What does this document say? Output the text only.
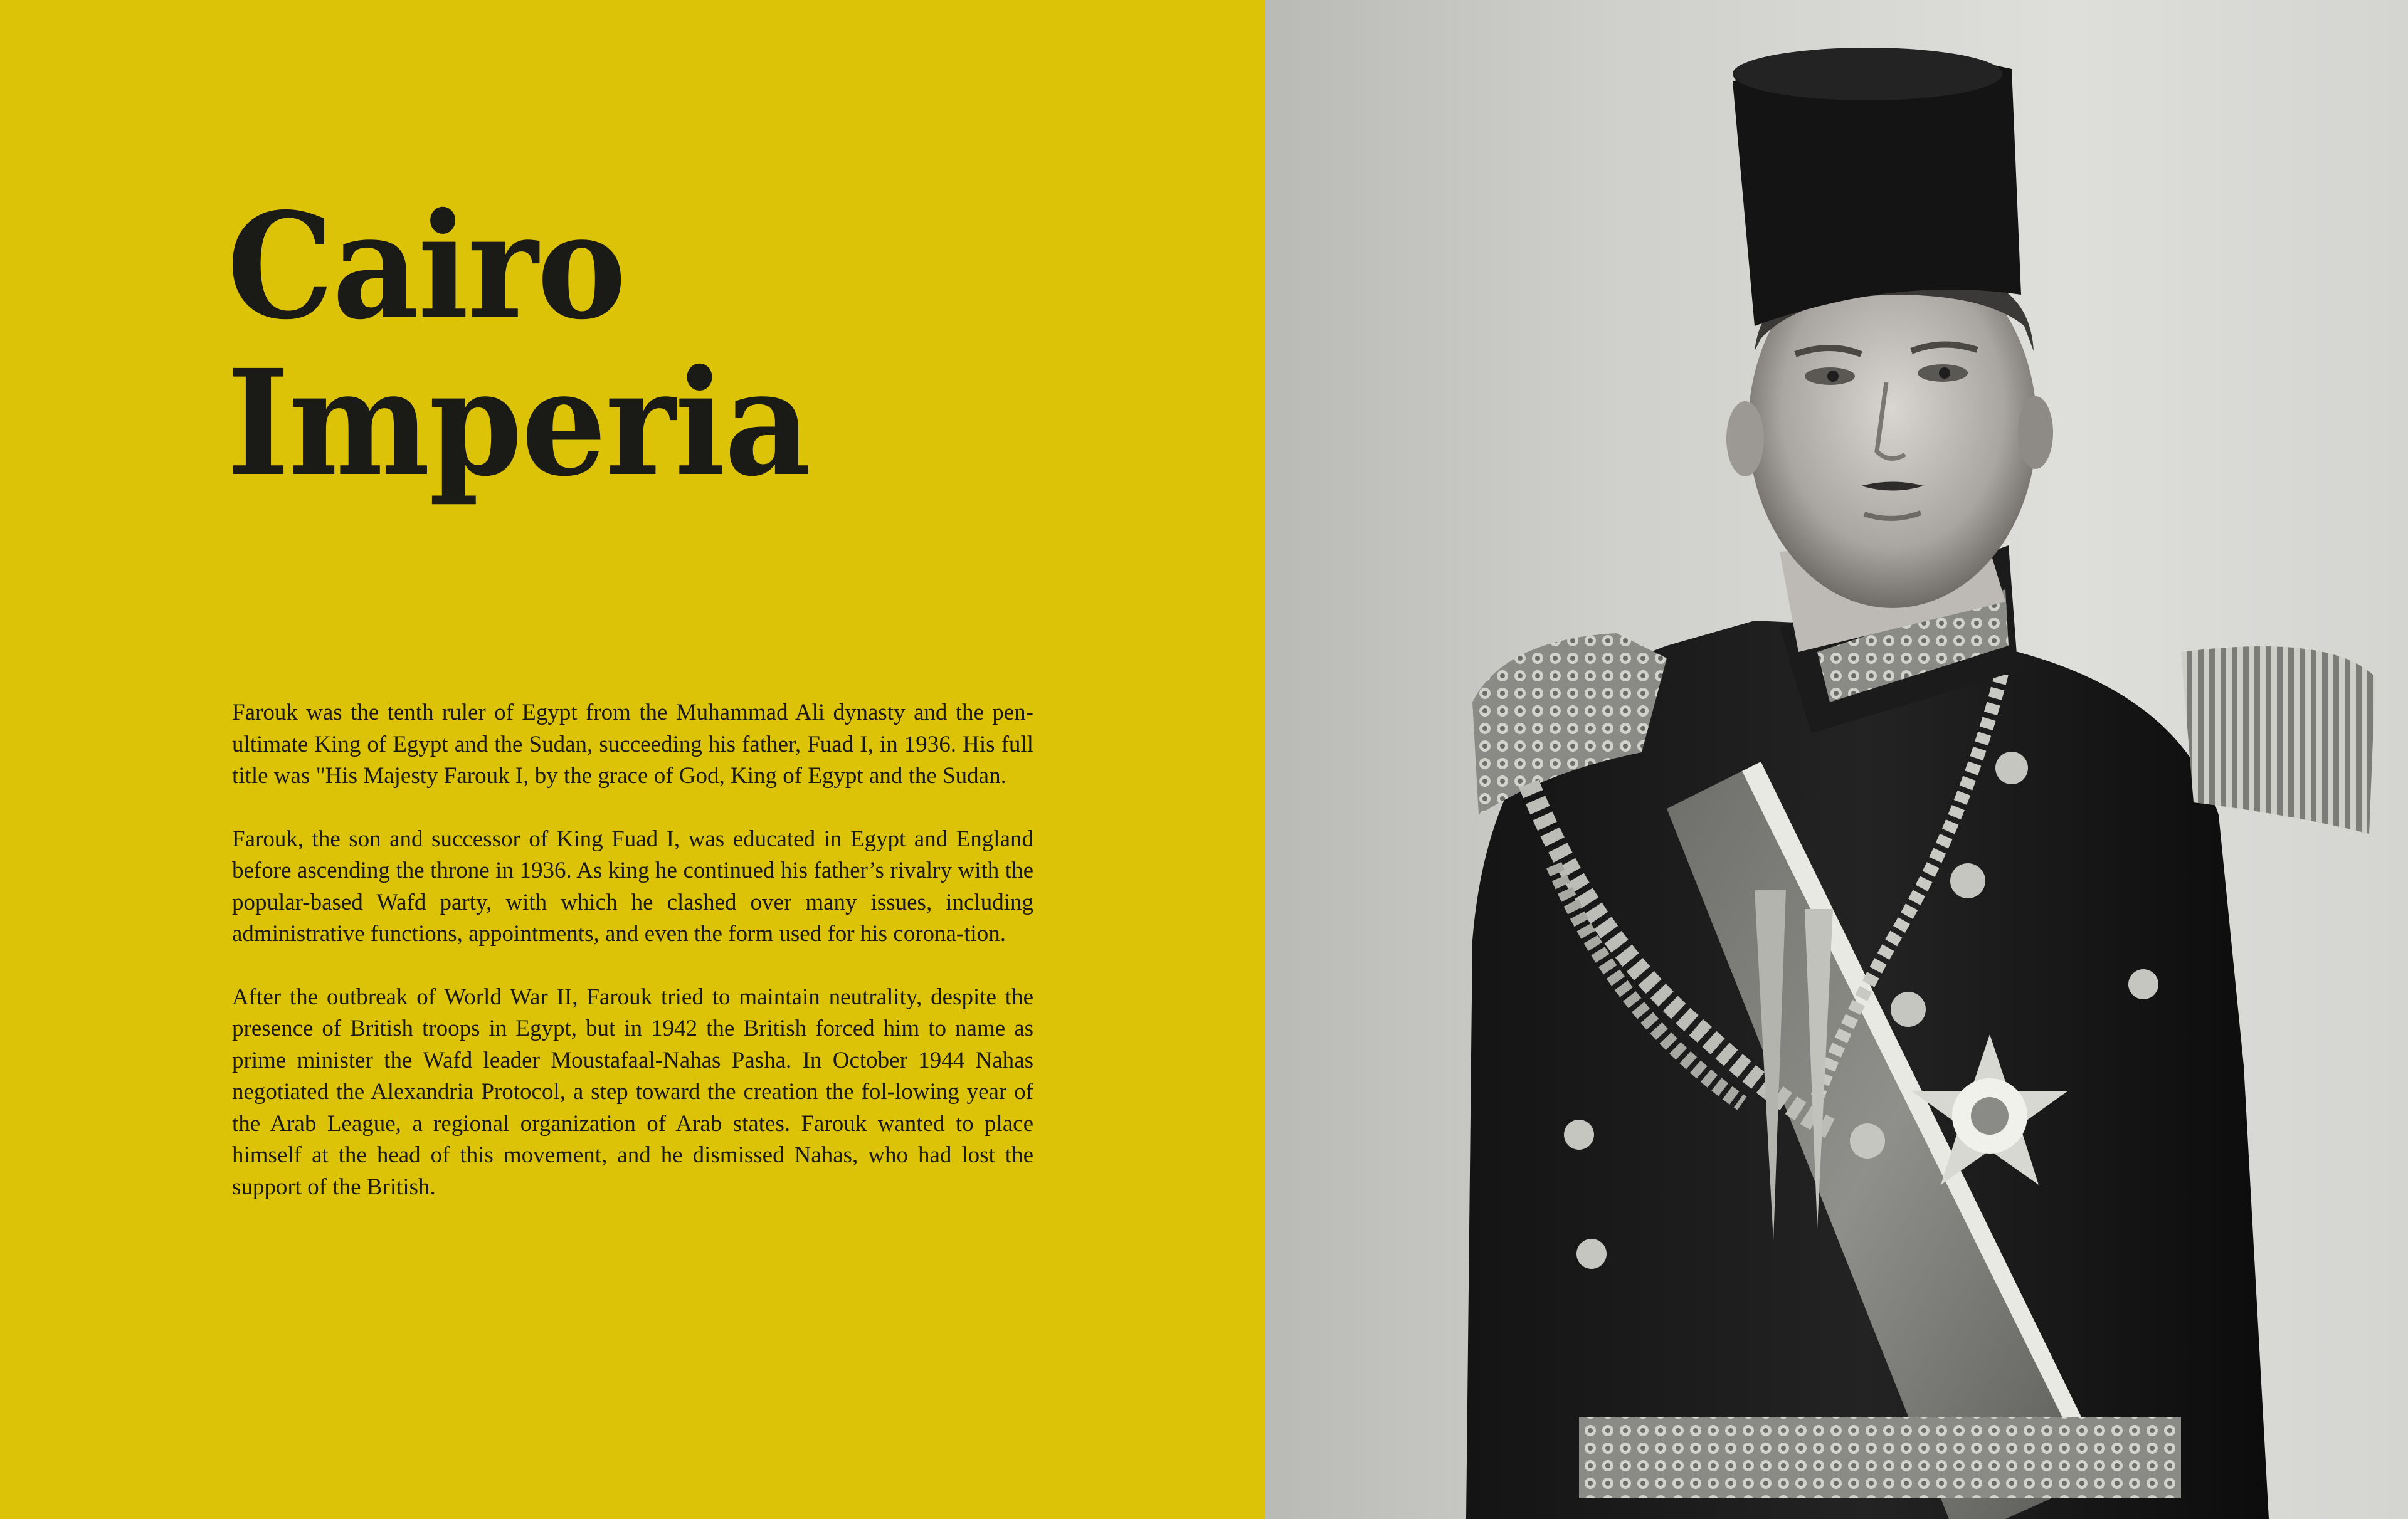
Cairo
Imperia

Farouk was the tenth ruler of Egypt from the Muhammad Ali dynasty and the pen-ultimate King of Egypt and the Sudan, succeeding his father, Fuad I, in 1936. His full title was "His Majesty Farouk I, by the grace of God, King of Egypt and the Sudan.

Farouk, the son and successor of King Fuad I, was educated in Egypt and England before ascending the throne in 1936. As king he continued his father’s rivalry with the popular-based Wafd party, with which he clashed over many issues, including administrative functions, appointments, and even the form used for his corona-tion.

After the outbreak of World War II, Farouk tried to maintain neutrality, despite the presence of British troops in Egypt, but in 1942 the British forced him to name as prime minister the Wafd leader Moustafaal-Nahas Pasha. In October 1944 Nahas negotiated the Alexandria Protocol, a step toward the creation the fol-lowing year of the Arab League, a regional organization of Arab states. Farouk wanted to place himself at the head of this movement, and he dismissed Nahas, who had lost the support of the British.
